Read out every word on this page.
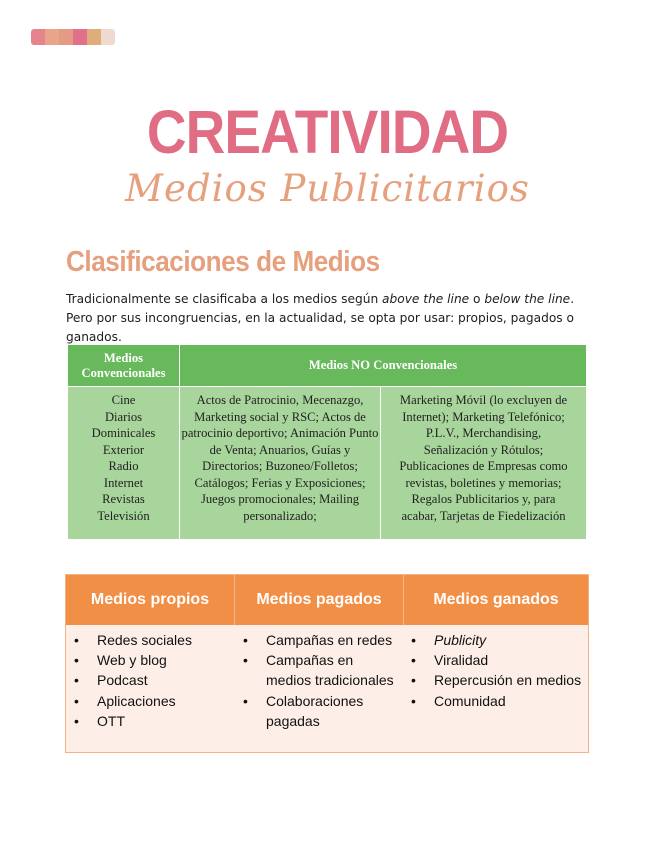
CREATIVIDAD
Medios Publicitarios
Clasificaciones de Medios

Tradicionalmente se clasificaba a los medios según above the line o below the line. Pero por sus incongruencias, en la actualidad, se opta por usar: propios, pagados o ganados.

Medios Convencionales
Medios NO Convencionales
Cine
Diarios
Dominicales
Exterior
Radio
Internet
Revistas
Televisión
Actos de Patrocinio, Mecenazgo, Marketing social y RSC; Actos de patrocinio deportivo; Animación Punto de Venta; Anuarios, Guías y Directorios; Buzoneo/Folletos; Catálogos; Ferias y Exposiciones; Juegos promocionales; Mailing personalizado;
Marketing Móvil (lo excluyen de
Internet); Marketing Telefónico;
P.L.V., Merchandising,
Señalización y Rótulos;
Publicaciones de Empresas como
revistas, boletines y memorias;
Regalos Publicitarios y, para
acabar, Tarjetas de Fiedelización
Medios propios	Medios pagados	Medios ganados
• Redes sociales
• Web y blog
• Podcast
• Aplicaciones
• OTT
• Campañas en redes
• Campañas en medios tradicionales
• Colaboraciones pagadas
• Publicity
• Viralidad
• Repercusión en medios
• Comunidad
